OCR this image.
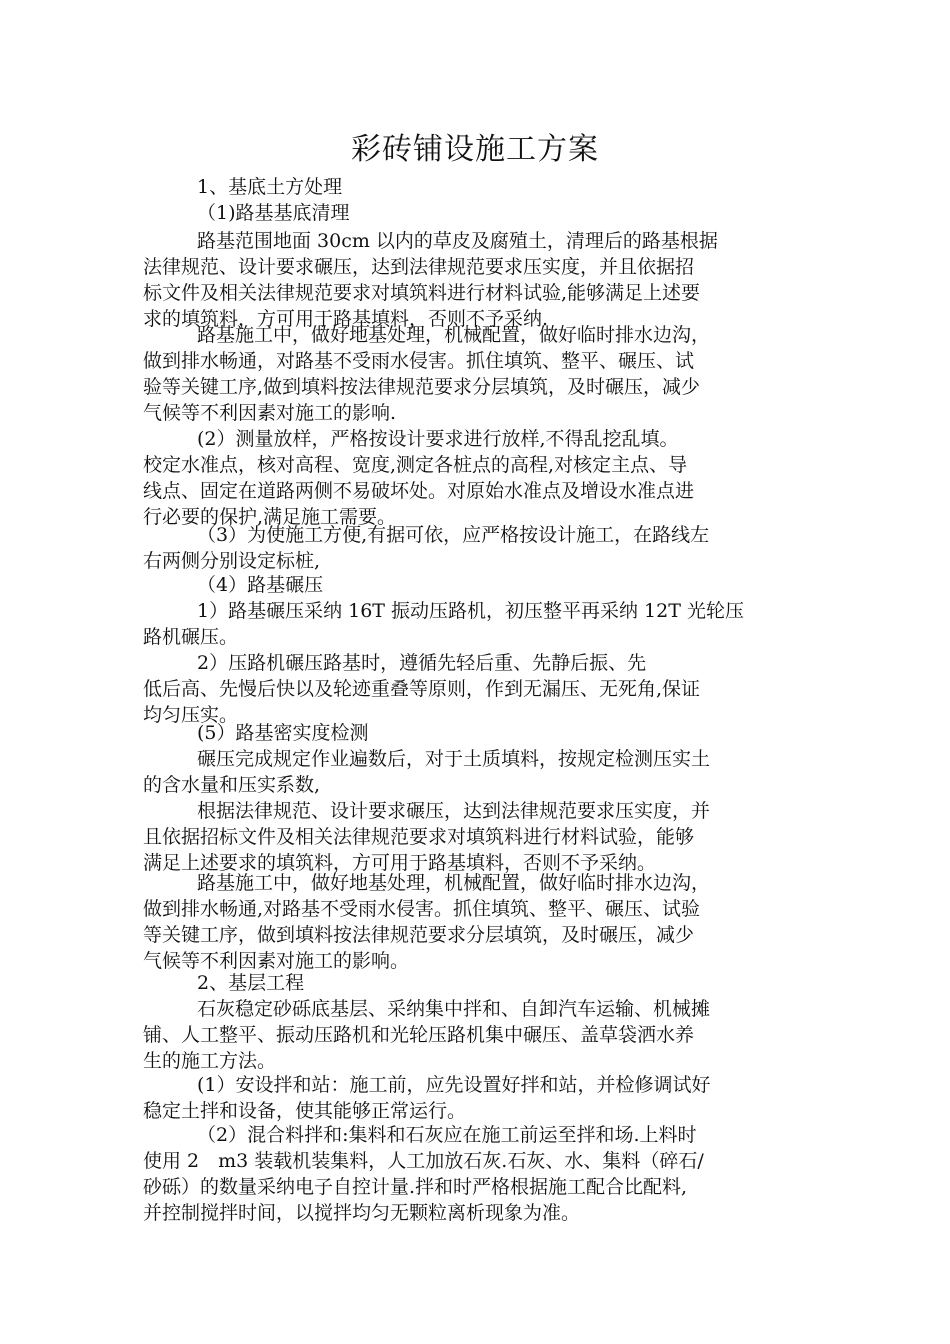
彩砖铺设施工方案
1、基底土方处理
（1)路基基底清理
路基范围地面 30cm 以内的草皮及腐殖土，清理后的路基根据
法律规范、设计要求碾压，达到法律规范要求压实度，并且依据招
标文件及相关法律规范要求对填筑料进行材料试验,能够满足上述要
求的填筑料，方可用于路基填料，否则不予采纳.
路基施工中，做好地基处理，机械配置，做好临时排水边沟，
做到排水畅通，对路基不受雨水侵害。抓住填筑、整平、碾压、试
验等关键工序,做到填料按法律规范要求分层填筑，及时碾压，减少
气候等不利因素对施工的影响.
(2）测量放样，严格按设计要求进行放样,不得乱挖乱填。
校定水准点，核对高程、宽度,测定各桩点的高程,对核定主点、导
线点、固定在道路两侧不易破坏处。对原始水准点及增设水准点进
行必要的保护,满足施工需要。
（3）为使施工方便,有据可依，应严格按设计施工，在路线左
右两侧分别设定标桩,
（4）路基碾压
1）路基碾压采纳 16T 振动压路机，初压整平再采纳 12T 光轮压
路机碾压。
2）压路机碾压路基时，遵循先轻后重、先静后振、先
低后高、先慢后快以及轮迹重叠等原则，作到无漏压、无死角,保证
均匀压实。
(5）路基密实度检测
碾压完成规定作业遍数后，对于土质填料，按规定检测压实土
的含水量和压实系数,
根据法律规范、设计要求碾压，达到法律规范要求压实度，并
且依据招标文件及相关法律规范要求对填筑料进行材料试验，能够
满足上述要求的填筑料，方可用于路基填料，否则不予采纳。
路基施工中，做好地基处理，机械配置，做好临时排水边沟，
做到排水畅通,对路基不受雨水侵害。抓住填筑、整平、碾压、试验
等关键工序，做到填料按法律规范要求分层填筑，及时碾压，减少
气候等不利因素对施工的影响。
2、基层工程
石灰稳定砂砾底基层、采纳集中拌和、自卸汽车运输、机械摊
铺、人工整平、振动压路机和光轮压路机集中碾压、盖草袋洒水养
生的施工方法。
(1）安设拌和站：施工前，应先设置好拌和站，并检修调试好
稳定土拌和设备，使其能够正常运行。
（2）混合料拌和:集料和石灰应在施工前运至拌和场.上料时
使用 2　m3 装载机装集料，人工加放石灰.石灰、水、集料（碎石/
砂砾）的数量采纳电子自控计量.拌和时严格根据施工配合比配料,
并控制搅拌时间，以搅拌均匀无颗粒离析现象为准。
